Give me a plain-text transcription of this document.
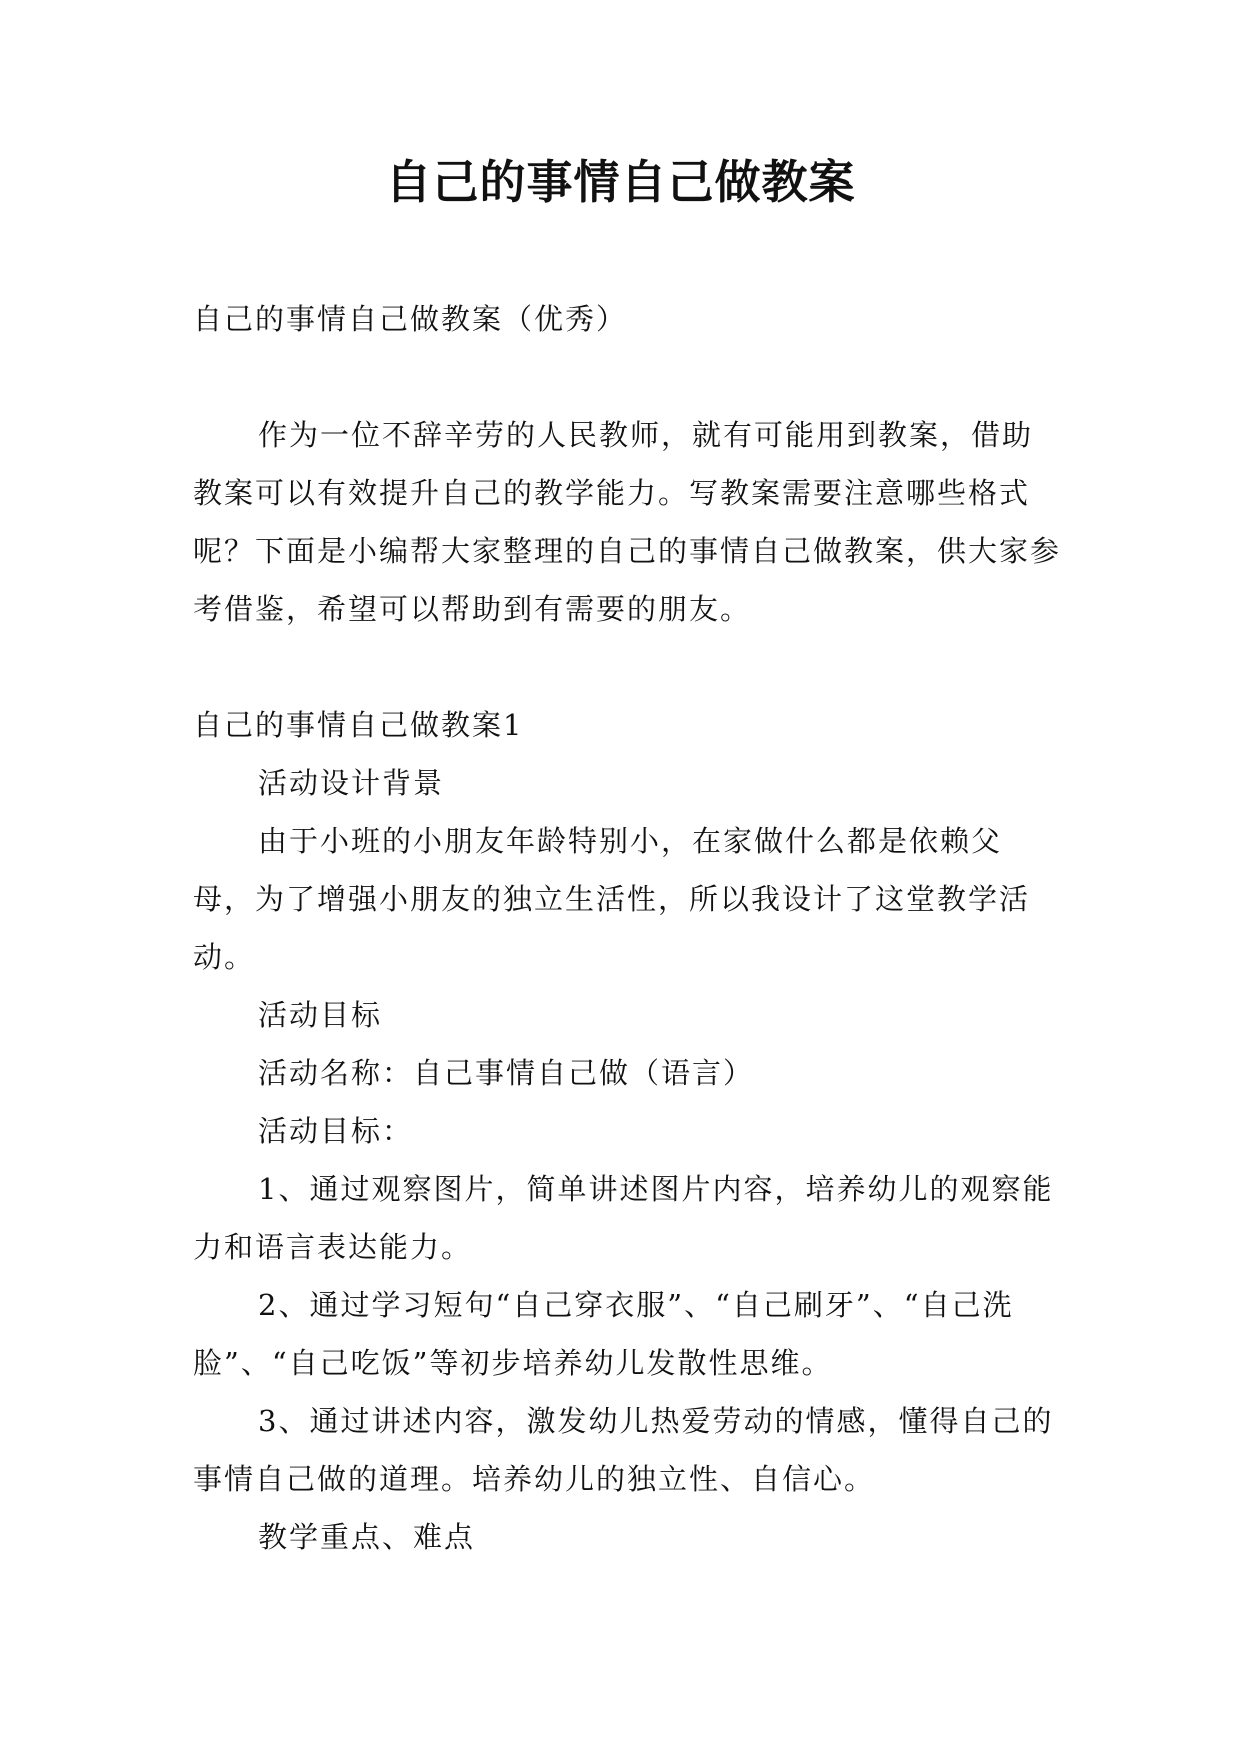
自己的事情自己做教案

自己的事情自己做教案（优秀）

作为一位不辞辛劳的人民教师，就有可能用到教案，借助教案可以有效提升自己的教学能力。写教案需要注意哪些格式呢？下面是小编帮大家整理的自己的事情自己做教案，供大家参考借鉴，希望可以帮助到有需要的朋友。

自己的事情自己做教案1

活动设计背景

由于小班的小朋友年龄特别小，在家做什么都是依赖父母，为了增强小朋友的独立生活性，所以我设计了这堂教学活动。

活动目标

活动名称：自己事情自己做（语言）

活动目标：

1、通过观察图片，简单讲述图片内容，培养幼儿的观察能力和语言表达能力。

2、通过学习短句“自己穿衣服”、“自己刷牙”、“自己洗脸”、“自己吃饭”等初步培养幼儿发散性思维。

3、通过讲述内容，激发幼儿热爱劳动的情感，懂得自己的事情自己做的道理。培养幼儿的独立性、自信心。

教学重点、难点
